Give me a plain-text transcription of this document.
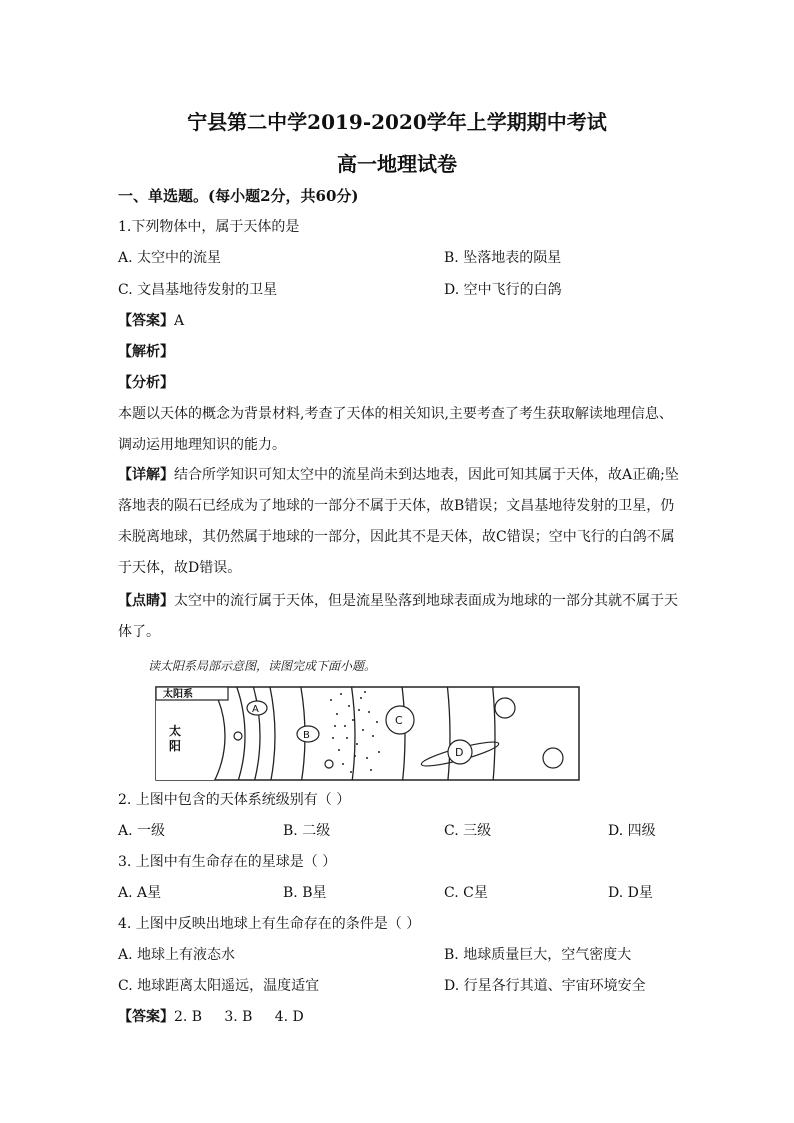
宁县第二中学2019-2020学年上学期期中考试
高一地理试卷
一、单选题。(每小题2分，共60分)
1.下列物体中，属于天体的是
A. 太空中的流星	B. 坠落地表的陨星
C. 文昌基地待发射的卫星	D. 空中飞行的白鸽
【答案】A
【解析】
【分析】
本题以天体的概念为背景材料,考查了天体的相关知识,主要考查了考生获取解读地理信息、调动运用地理知识的能力。
【详解】结合所学知识可知太空中的流星尚未到达地表，因此可知其属于天体，故A正确;坠落地表的陨石已经成为了地球的一部分不属于天体，故B错误；文昌基地待发射的卫星，仍未脱离地球，其仍然属于地球的一部分，因此其不是天体，故C错误；空中飞行的白鸽不属于天体，故D错误。
【点睛】太空中的流行属于天体，但是流星坠落到地球表面成为地球的一部分其就不属于天体了。
读太阳系局部示意图，读图完成下面小题。
太阳系
太
阳
A
B
C
D
2. 上图中包含的天体系统级别有（ ）
A. 一级	B. 二级	C. 三级	D. 四级
3. 上图中有生命存在的星球是（ ）
A. A星	B. B星	C. C星	D. D星
4. 上图中反映出地球上有生命存在的条件是（ ）
A. 地球上有液态水	B. 地球质量巨大，空气密度大
C. 地球距离太阳遥远，温度适宜	D. 行星各行其道、宇宙环境安全
【答案】2. B     3. B     4. D
